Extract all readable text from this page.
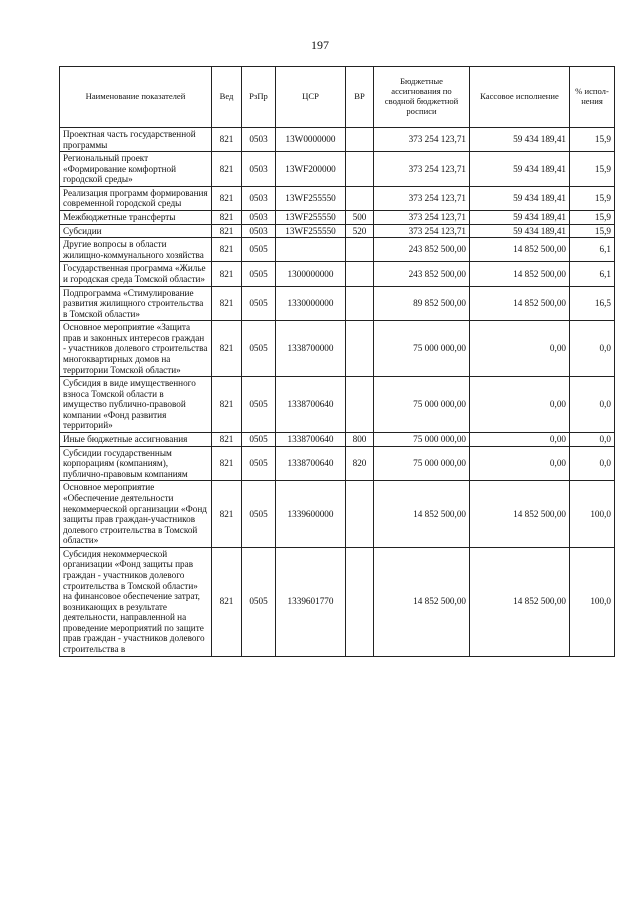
197
Наименование показателей	Вед	РзПр	ЦСР	ВР	Бюджетные ассигнования по сводной бюджетной росписи	Кассовое исполнение	% испол-нения
Проектная часть государственной программы	821	0503	13W0000000		373 254 123,71	59 434 189,41	15,9
Региональный проект «Формирование комфортной городской среды»	821	0503	13WF200000		373 254 123,71	59 434 189,41	15,9
Реализация программ формирования современной городской среды	821	0503	13WF255550		373 254 123,71	59 434 189,41	15,9
Межбюджетные трансферты	821	0503	13WF255550	500	373 254 123,71	59 434 189,41	15,9
Субсидии	821	0503	13WF255550	520	373 254 123,71	59 434 189,41	15,9
Другие вопросы в области жилищно-коммунального хозяйства	821	0505			243 852 500,00	14 852 500,00	6,1
Государственная программа «Жилье и городская среда Томской области»	821	0505	1300000000		243 852 500,00	14 852 500,00	6,1
Подпрограмма «Стимулирование развития жилищного строительства в Томской области»	821	0505	1330000000		89 852 500,00	14 852 500,00	16,5
Основное мероприятие «Защита прав и законных интересов граждан - участников долевого строительства многоквартирных домов на территории Томской области»	821	0505	1338700000		75 000 000,00	0,00	0,0
Субсидия в виде имущественного взноса Томской области в имущество публично-правовой компании «Фонд развития территорий»	821	0505	1338700640		75 000 000,00	0,00	0,0
Иные бюджетные ассигнования	821	0505	1338700640	800	75 000 000,00	0,00	0,0
Субсидии государственным корпорациям (компаниям), публично-правовым компаниям	821	0505	1338700640	820	75 000 000,00	0,00	0,0
Основное мероприятие «Обеспечение деятельности некоммерческой организации «Фонд защиты прав граждан-участников долевого строительства в Томской области»	821	0505	1339600000		14 852 500,00	14 852 500,00	100,0
Субсидия некоммерческой организации «Фонд защиты прав граждан - участников долевого строительства в Томской области» на финансовое обеспечение затрат, возникающих в результате деятельности, направленной на проведение мероприятий по защите прав граждан - участников долевого строительства в	821	0505	1339601770		14 852 500,00	14 852 500,00	100,0
